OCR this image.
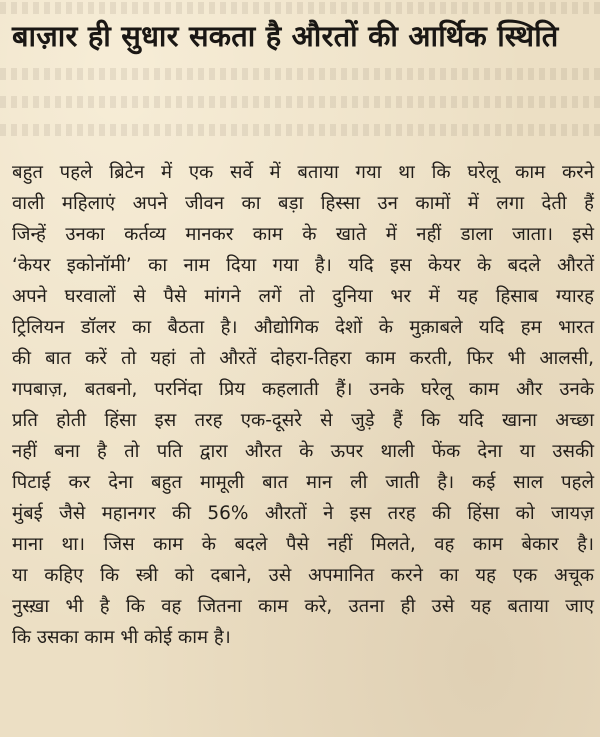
बाज़ार ही सुधार सकता है औरतों की आर्थिक स्थिति
बहुत पहले ब्रिटेन में एक सर्वे में बताया गया था कि घरेलू काम करने
वाली महिलाएं अपने जीवन का बड़ा हिस्सा उन कामों में लगा देती हैं
जिन्हें उनका कर्तव्य मानकर काम के खाते में नहीं डाला जाता। इसे
‘केयर इकोनॉमी’ का नाम दिया गया है। यदि इस केयर के बदले औरतें
अपने घरवालों से पैसे मांगने लगें तो दुनिया भर में यह हिसाब ग्यारह
ट्रिलियन डॉलर का बैठता है। औद्योगिक देशों के मुक़ाबले यदि हम भारत
की बात करें तो यहां तो औरतें दोहरा-तिहरा काम करती, फिर भी आलसी,
गपबाज़, बतबनो, परनिंदा प्रिय कहलाती हैं। उनके घरेलू काम और उनके
प्रति होती हिंसा इस तरह एक-दूसरे से जुड़े हैं कि यदि खाना अच्छा
नहीं बना है तो पति द्वारा औरत के ऊपर थाली फेंक देना या उसकी
पिटाई कर देना बहुत मामूली बात मान ली जाती है। कई साल पहले
मुंबई जैसे महानगर की 56% औरतों ने इस तरह की हिंसा को जायज़
माना था। जिस काम के बदले पैसे नहीं मिलते, वह काम बेकार है।
या कहिए कि स्त्री को दबाने, उसे अपमानित करने का यह एक अचूक
नुस्ख़ा भी है कि वह जितना काम करे, उतना ही उसे यह बताया जाए
कि उसका काम भी कोई काम है।
